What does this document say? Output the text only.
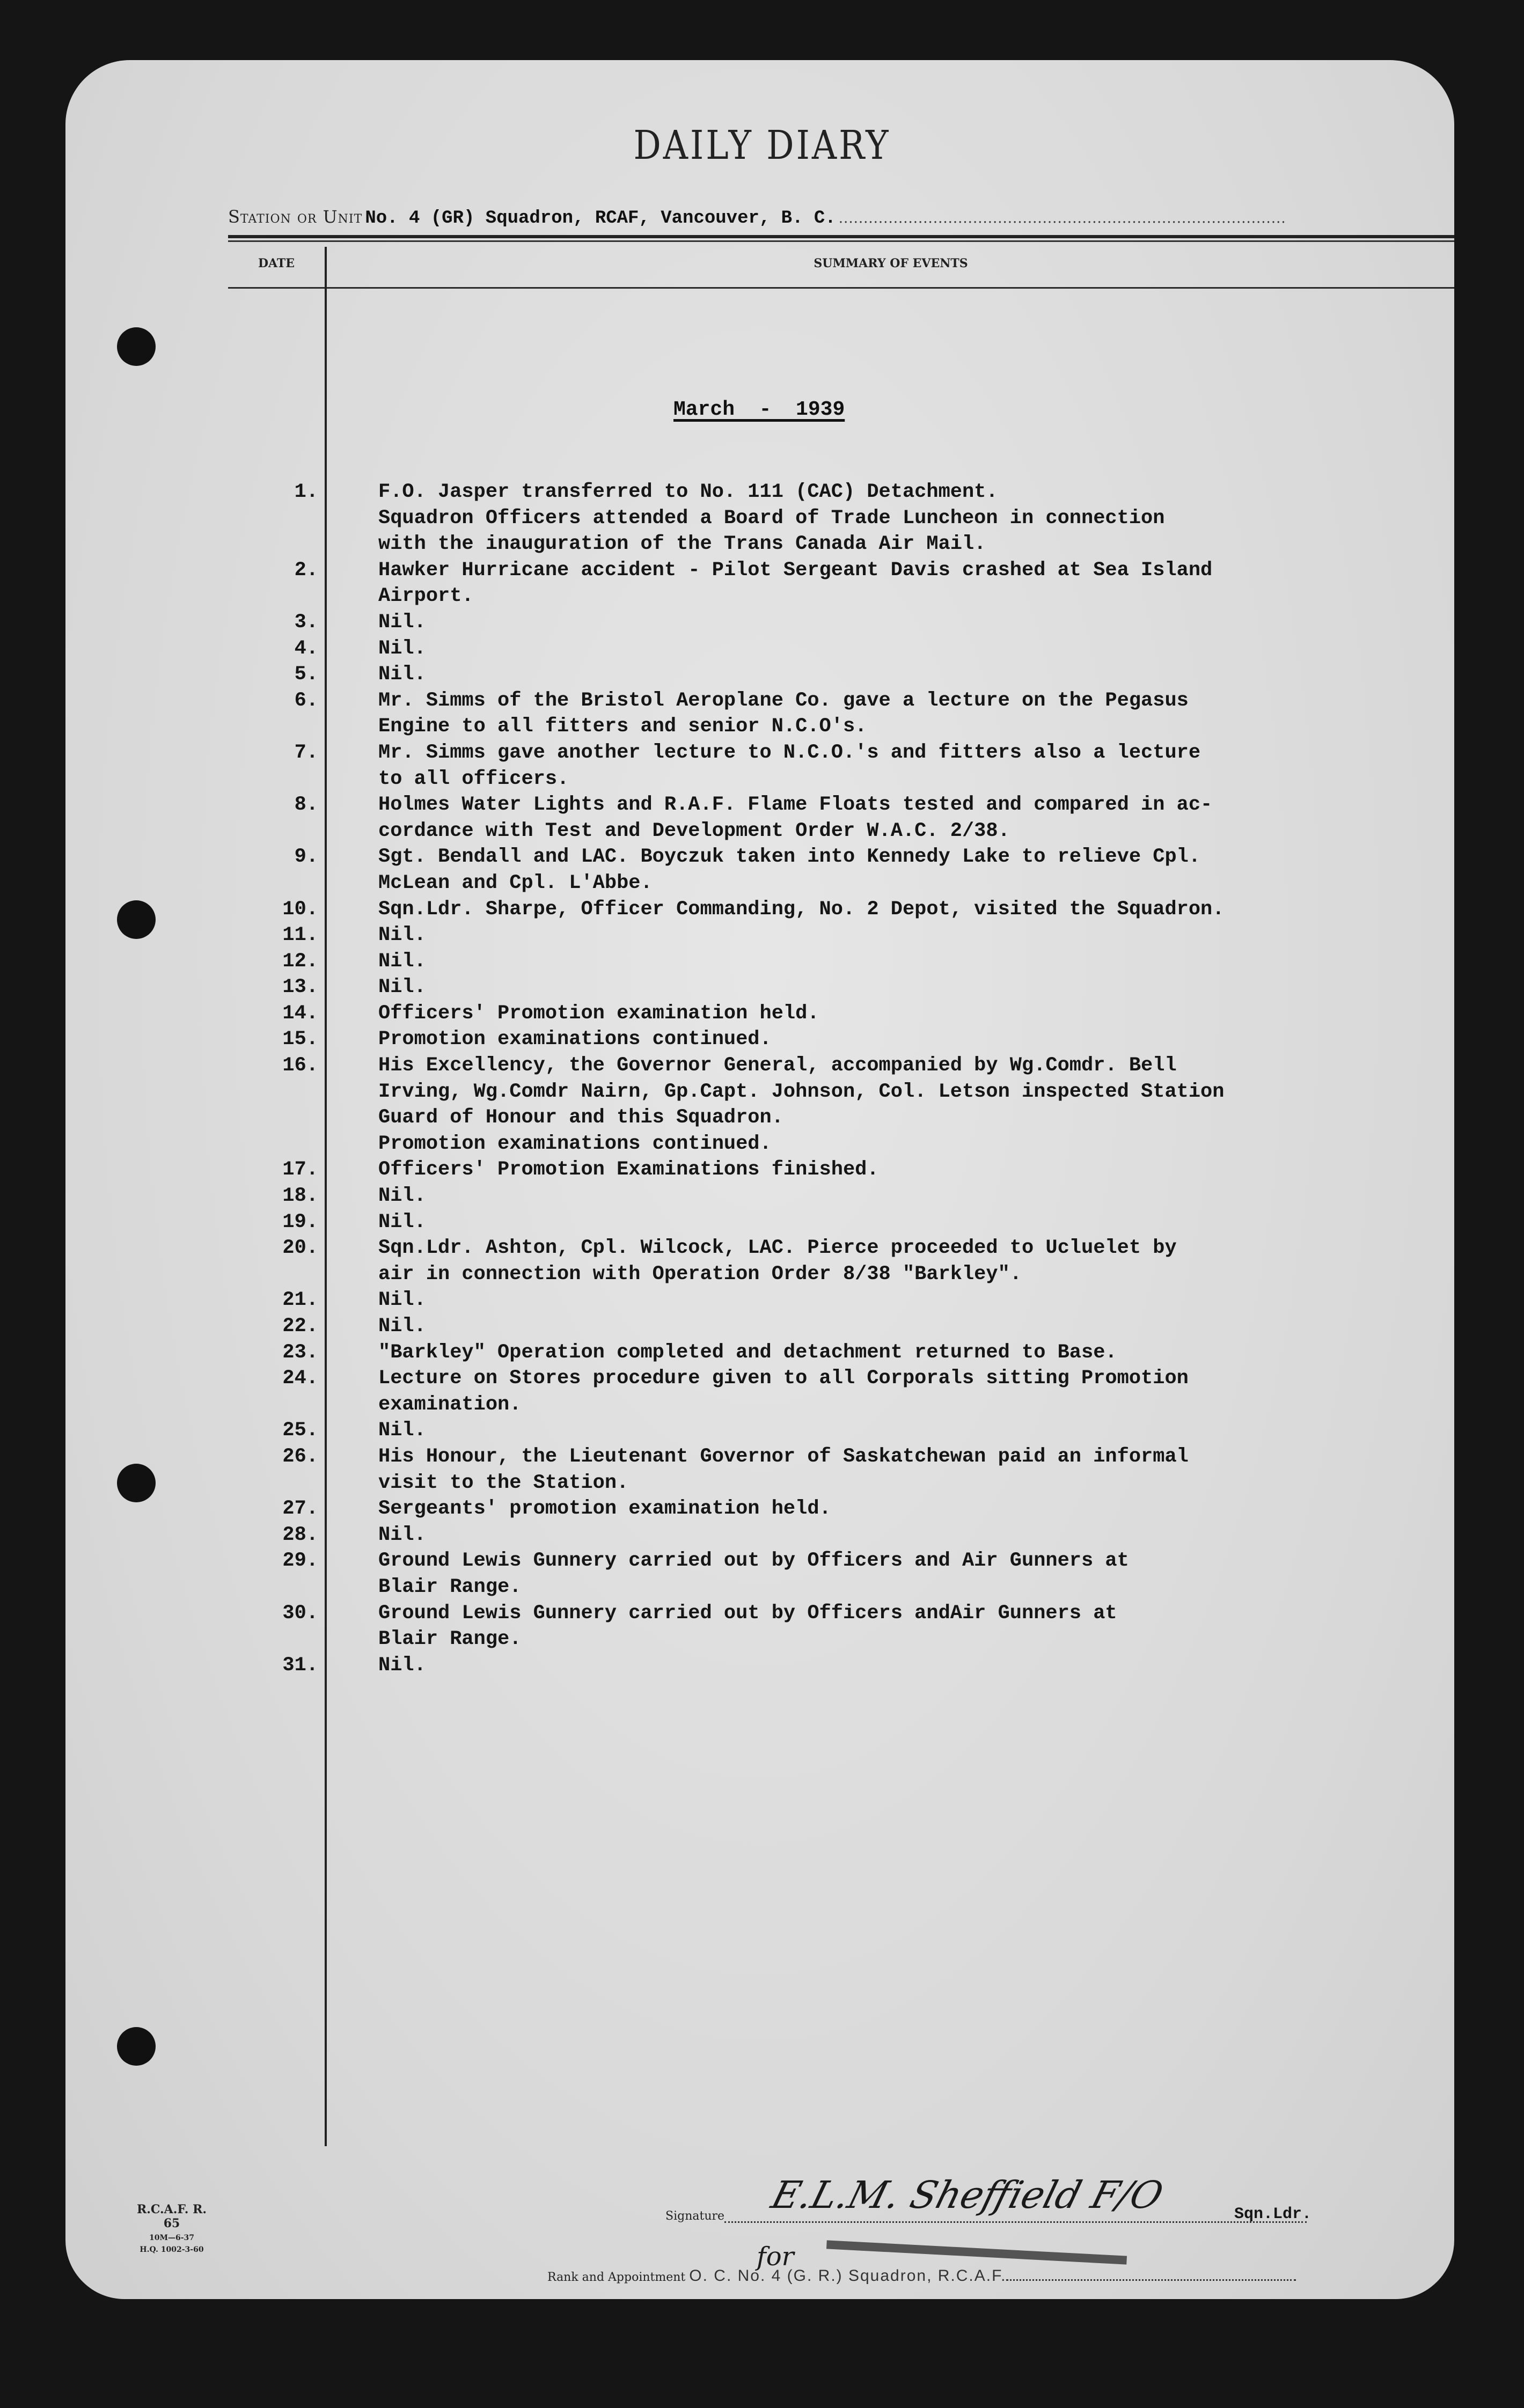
DAILY DIARY
Station or Unit No. 4 (GR) Squadron, RCAF, Vancouver, B. C. ..........................................................................................
DATE	SUMMARY OF EVENTS
March  -  1939
1.	F.O. Jasper transferred to No. 111 (CAC) Detachment.
Squadron Officers attended a Board of Trade Luncheon in connection
with the inauguration of the Trans Canada Air Mail.
2.	Hawker Hurricane accident - Pilot Sergeant Davis crashed at Sea Island
Airport.
3.	Nil.
4.	Nil.
5.	Nil.
6.	Mr. Simms of the Bristol Aeroplane Co. gave a lecture on the Pegasus
Engine to all fitters and senior N.C.O's.
7.	Mr. Simms gave another lecture to N.C.O.'s and fitters also a lecture
to all officers.
8.	Holmes Water Lights and R.A.F. Flame Floats tested and compared in ac-
cordance with Test and Development Order W.A.C. 2/38.
9.	Sgt. Bendall and LAC. Boyczuk taken into Kennedy Lake to relieve Cpl.
McLean and Cpl. L'Abbe.
10.	Sqn.Ldr. Sharpe, Officer Commanding, No. 2 Depot, visited the Squadron.
11.	Nil.
12.	Nil.
13.	Nil.
14.	Officers' Promotion examination held.
15.	Promotion examinations continued.
16.	His Excellency, the Governor General, accompanied by Wg.Comdr. Bell
Irving, Wg.Comdr Nairn, Gp.Capt. Johnson, Col. Letson inspected Station
Guard of Honour and this Squadron.
Promotion examinations continued.
17.	Officers' Promotion Examinations finished.
18.	Nil.
19.	Nil.
20.	Sqn.Ldr. Ashton, Cpl. Wilcock, LAC. Pierce proceeded to Ucluelet by
air in connection with Operation Order 8/38 "Barkley".
21.	Nil.
22.	Nil.
23.	"Barkley" Operation completed and detachment returned to Base.
24.	Lecture on Stores procedure given to all Corporals sitting Promotion
examination.
25.	Nil.
26.	His Honour, the Lieutenant Governor of Saskatchewan paid an informal
visit to the Station.
27.	Sergeants' promotion examination held.
28.	Nil.
29.	Ground Lewis Gunnery carried out by Officers and Air Gunners at
Blair Range.
30.	Ground Lewis Gunnery carried out by Officers andAir Gunners at
Blair Range.
31.	Nil.
R.C.A.F. R. 65
10M—6-37
H.Q. 1002-3-60
Signature	E.L.M. Sheffield F/O	Sqn.Ldr.
for
Rank and Appointment O. C. No. 4 (G. R.) Squadron, R.C.A.F.
